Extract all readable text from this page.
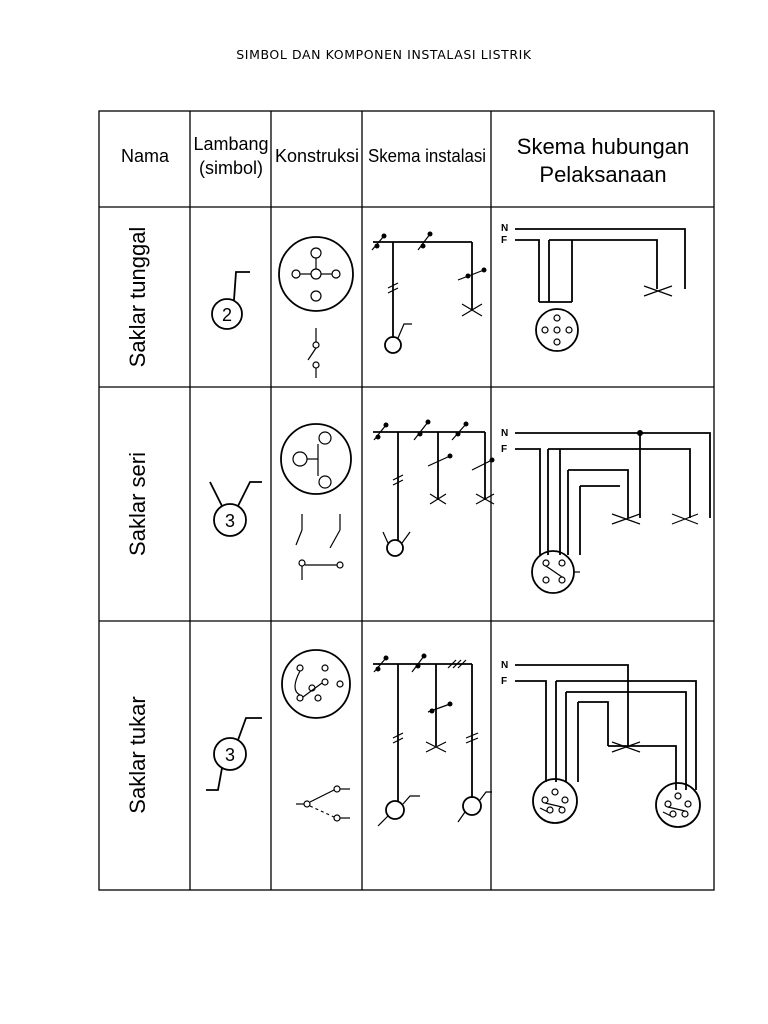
SIMBOL DAN KOMPONEN INSTALASI LISTRIK
Nama
Lambang
(simbol)
Konstruksi Skema instalasi Skema hubungan
Pelaksanaan
Saklar tunggal
Saklar seri
Saklar tukar
2
N
F
3
N
F
3
N
F
